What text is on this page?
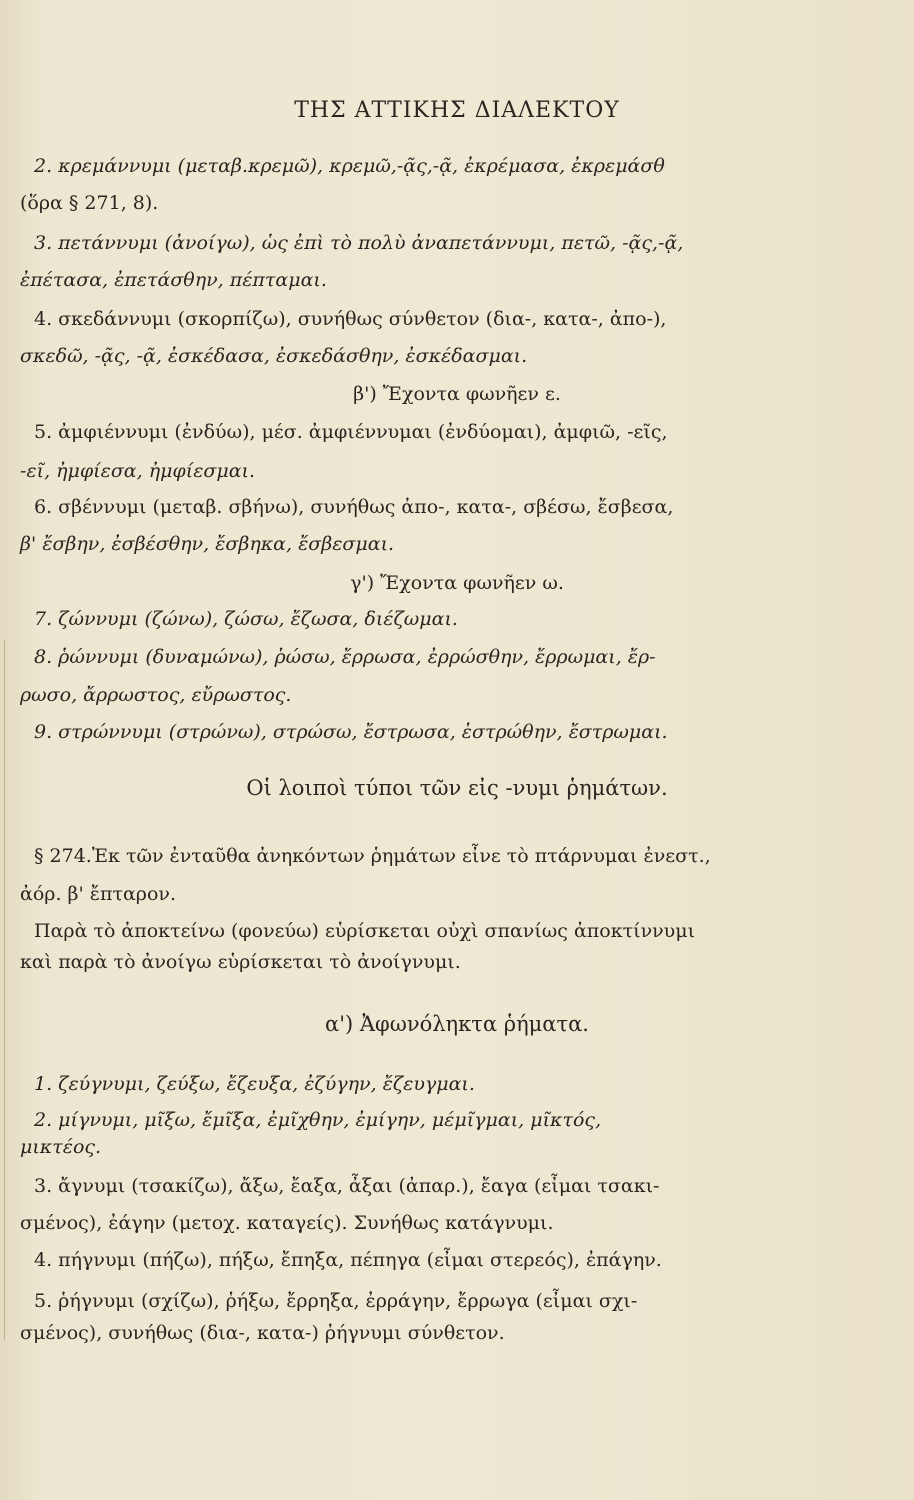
ΤΗΣ ΑΤΤΙΚΗΣ ΔΙΑΛΕΚΤΟΥ
2. κρεμάννυμι (μεταβ.κρεμῶ), κρεμῶ,-ᾷς,-ᾷ, ἐκρέμασα, ἐκρεμάσθ
(ὅρα § 271, 8).
3. πετάννυμι (ἀνοίγω), ὡς ἐπὶ τὸ πολὺ ἀναπετάννυμι, πετῶ, -ᾷς,-ᾷ,
ἐπέτασα, ἐπετάσθην, πέπταμαι.
4. σκεδάννυμι (σκορπίζω), συνήθως σύνθετον (δια-, κατα-, ἀπο-),
σκεδῶ, -ᾷς, -ᾷ, ἐσκέδασα, ἐσκεδάσθην, ἐσκέδασμαι.
β') Ἔχοντα φωνῆεν ε.
5. ἀμφιέννυμι (ἐνδύω), μέσ. ἀμφιέννυμαι (ἐνδύομαι), ἀμφιῶ, -εῖς,
-εῖ, ἠμφίεσα, ἠμφίεσμαι.
6. σβέννυμι (μεταβ. σβήνω), συνήθως ἀπο-, κατα-, σβέσω, ἔσβεσα,
β' ἔσβην, ἐσβέσθην, ἔσβηκα, ἔσβεσμαι.
γ') Ἔχοντα φωνῆεν ω.
7. ζώννυμι (ζώνω), ζώσω, ἔζωσα, διέζωμαι.
8. ῥώννυμι (δυναμώνω), ῥώσω, ἔρρωσα, ἐρρώσθην, ἔρρωμαι, ἔρ-
ρωσο, ἄρρωστος, εὔρωστος.
9. στρώννυμι (στρώνω), στρώσω, ἔστρωσα, ἐστρώθην, ἔστρωμαι.
Οἱ λοιποὶ τύποι τῶν εἰς -νυμι ῥημάτων.
§ 274.Ἐκ τῶν ἐνταῦθα ἀνηκόντων ῥημάτων εἶνε τὸ πτάρνυμαι ἐνεστ.,
ἀόρ. β' ἔπταρον.
Παρὰ τὸ ἀποκτείνω (φονεύω) εὑρίσκεται οὐχὶ σπανίως ἀποκτίννυμι
καὶ παρὰ τὸ ἀνοίγω εὑρίσκεται τὸ ἀνοίγνυμι.
α') Ἀφωνόληκτα ῥήματα.
1. ζεύγνυμι, ζεύξω, ἔζευξα, ἐζύγην, ἔζευγμαι.
2. μίγνυμι, μῖξω, ἔμῖξα, ἐμῖχθην, ἐμίγην, μέμῖγμαι, μῖκτός,
μικτέος.
3. ἄγνυμι (τσακίζω), ἄξω, ἔαξα, ἆξαι (ἀπαρ.), ἔαγα (εἶμαι τσακι-
σμένος), ἐάγην (μετοχ. καταγείς). Συνήθως κατάγνυμι.
4. πήγνυμι (πήζω), πήξω, ἔπηξα, πέπηγα (εἶμαι στερεός), ἐπάγην.
5. ῥήγνυμι (σχίζω), ῥήξω, ἔρρηξα, ἐρράγην, ἔρρωγα (εἶμαι σχι-
σμένος), συνήθως (δια-, κατα-) ῥήγνυμι σύνθετον.
